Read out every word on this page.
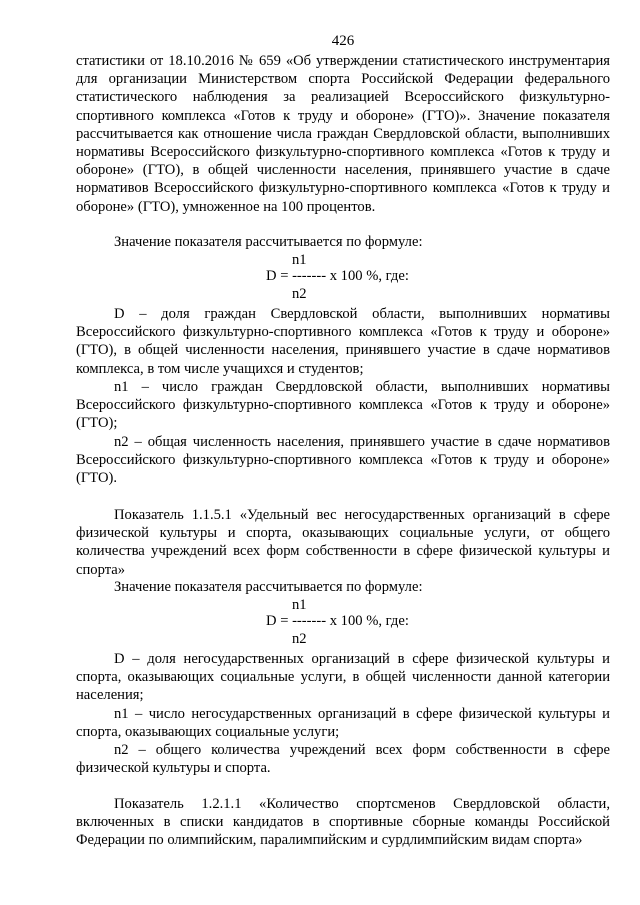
426

статистики от 18.10.2016 № 659 «Об утверждении статистического инструментария для организации Министерством спорта Российской Федерации федерального статистического наблюдения за реализацией Всероссийского физкультурно-спортивного комплекса «Готов к труду и обороне» (ГТО)». Значение показателя рассчитывается как отношение числа граждан Свердловской области, выполнивших нормативы Всероссийского физкультурно-спортивного комплекса «Готов к труду и обороне» (ГТО), в общей численности населения, принявшего участие в сдаче нормативов Всероссийского физкультурно-спортивного комплекса «Готов к труду и обороне» (ГТО), умноженное на 100 процентов.

Значение показателя рассчитывается по формуле:

n1
D = ------- х 100 %, где:
n2

D – доля граждан Свердловской области, выполнивших нормативы Всероссийского физкультурно-спортивного комплекса «Готов к труду и обороне» (ГТО), в общей численности населения, принявшего участие в сдаче нормативов комплекса, в том числе учащихся и студентов;

n1 – число граждан Свердловской области, выполнивших нормативы Всероссийского физкультурно-спортивного комплекса «Готов к труду и обороне» (ГТО);

n2 – общая численность населения, принявшего участие в сдаче нормативов Всероссийского физкультурно-спортивного комплекса «Готов к труду и обороне» (ГТО).

Показатель 1.1.5.1 «Удельный вес негосударственных организаций в сфере физической культуры и спорта, оказывающих социальные услуги, от общего количества учреждений всех форм собственности в сфере физической культуры и спорта»

Значение показателя рассчитывается по формуле:

n1
D = ------- х 100 %, где:
n2

D – доля негосударственных организаций в сфере физической культуры и спорта, оказывающих социальные услуги, в общей численности данной категории населения;

n1 – число негосударственных организаций в сфере физической культуры и спорта, оказывающих социальные услуги;

n2 – общего количества учреждений всех форм собственности в сфере физической культуры и спорта.

Показатель 1.2.1.1 «Количество спортсменов Свердловской области, включенных в списки кандидатов в спортивные сборные команды Российской Федерации по олимпийским, паралимпийским и сурдлимпийским видам спорта»
